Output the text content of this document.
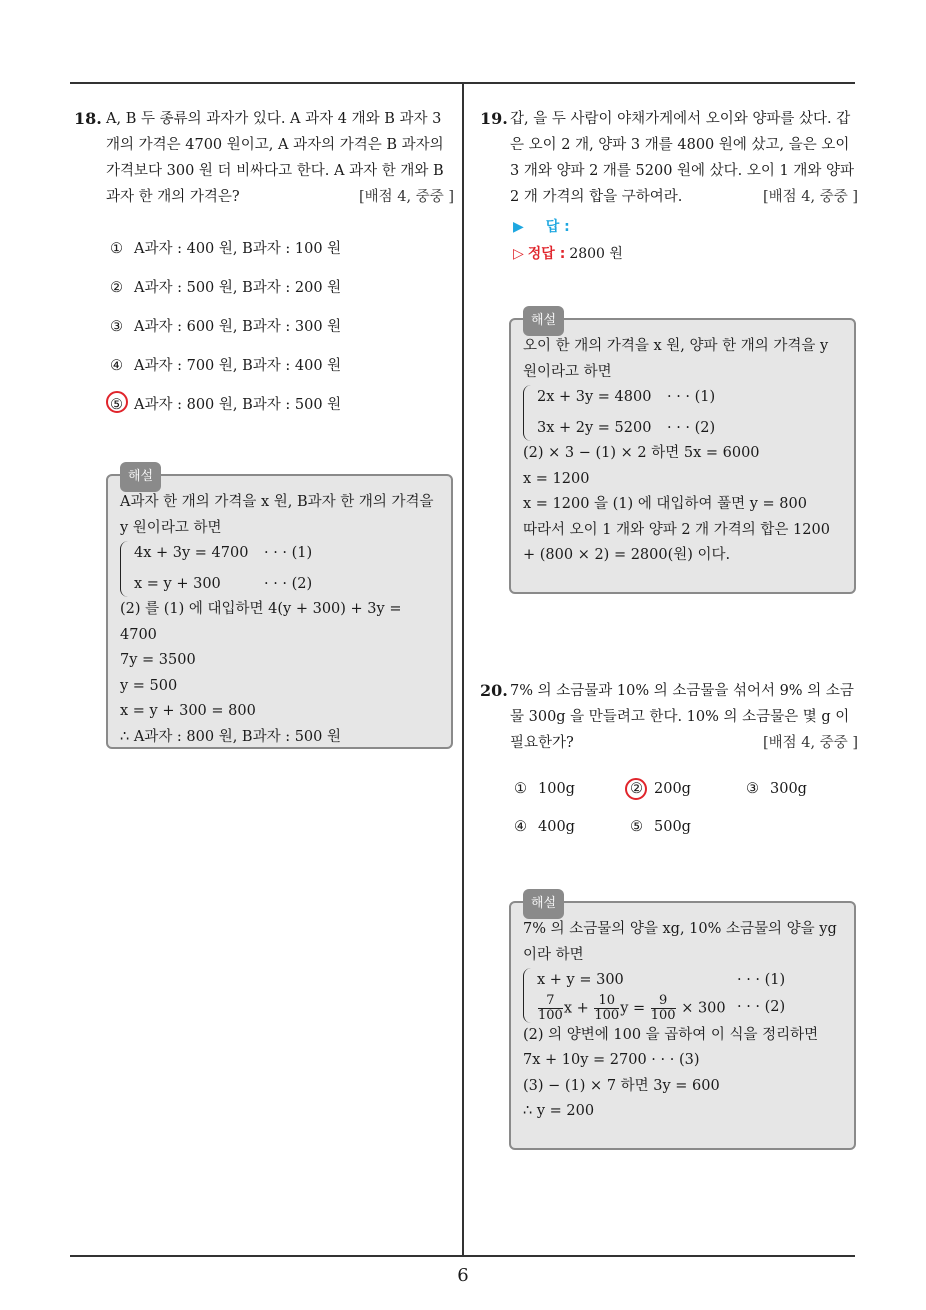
6
18. A, B 두 종류의 과자가 있다. A 과자 4 개와 B 과자 3 개의 가격은 4700 원이고, A 과자의 가격은 B 과자의 가격보다 300 원 더 비싸다고 한다. A 과자 한 개와 B 과자 한 개의 가격은?	[배점 4, 중중 ]
① A과자 : 400 원, B과자 : 100 원
② A과자 : 500 원, B과자 : 200 원
③ A과자 : 600 원, B과자 : 300 원
④ A과자 : 700 원, B과자 : 400 원
⑤ A과자 : 800 원, B과자 : 500 원
해설
A과자 한 개의 가격을 x 원, B과자 한 개의 가격을 y 원이라고 하면
4x + 3y = 4700	· · · (1)
x = y + 300	· · · (2)
(2) 를 (1) 에 대입하면 4(y + 300) + 3y = 4700
7y = 3500
y = 500
x = y + 300 = 800
∴ A과자 : 800 원, B과자 : 500 원
19. 갑, 을 두 사람이 야채가게에서 오이와 양파를 샀다. 갑은 오이 2 개, 양파 3 개를 4800 원에 샀고, 을은 오이 3 개와 양파 2 개를 5200 원에 샀다. 오이 1 개와 양파 2 개 가격의 합을 구하여라.	[배점 4, 중중 ]
▶ 답 :
▷ 정답 : 2800 원
해설
오이 한 개의 가격을 x 원, 양파 한 개의 가격을 y 원이라고 하면
2x + 3y = 4800	· · · (1)
3x + 2y = 5200	· · · (2)
(2) × 3 − (1) × 2 하면 5x = 6000
x = 1200
x = 1200 을 (1) 에 대입하여 풀면 y = 800
따라서 오이 1 개와 양파 2 개 가격의 합은 1200 + (800 × 2) = 2800(원) 이다.
20. 7% 의 소금물과 10% 의 소금물을 섞어서 9% 의 소금물 300g 을 만들려고 한다. 10% 의 소금물은 몇 g 이 필요한가?	[배점 4, 중중 ]
① 100g	② 200g	③ 300g
④ 400g	⑤ 500g
해설
7% 의 소금물의 양을 xg, 10% 소금물의 양을 yg 이라 하면
x + y = 300	· · · (1)
$\frac{7}{100}$ $x + \frac{10}{100}$ $y = \frac{9}{100} \times 300$ · · · (2)
(2) 의 양변에 100 을 곱하여 이 식을 정리하면
7x + 10y = 2700 · · · (3)
(3) − (1) × 7 하면 3y = 600
∴ y = 200
